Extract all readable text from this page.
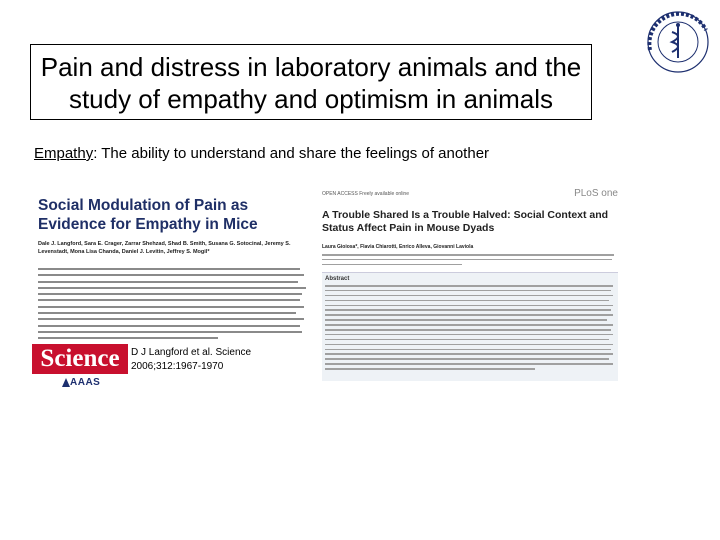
Pain and distress in laboratory animals and the study of empathy and optimism in animals
Empathy: The ability to understand and share the feelings of another
Social Modulation of Pain as Evidence for Empathy in Mice
Dale J. Langford, Sara E. Crager, Zarrar Shehzad, Shad B. Smith, Susana G. Sotocinal, Jeremy S. Levenstadt, Mona Lisa Chanda, Daniel J. Levitin, Jeffrey S. Mogil*
Science
AAAS
D J Langford et al. Science
2006;312:1967-1970
OPEN ACCESS Freely available online	PLoS one
A Trouble Shared Is a Trouble Halved: Social Context and Status Affect Pain in Mouse Dyads
Laura Gioiosa*, Flavia Chiarotti, Enrico Alleva, Giovanni Laviola
Abstract
